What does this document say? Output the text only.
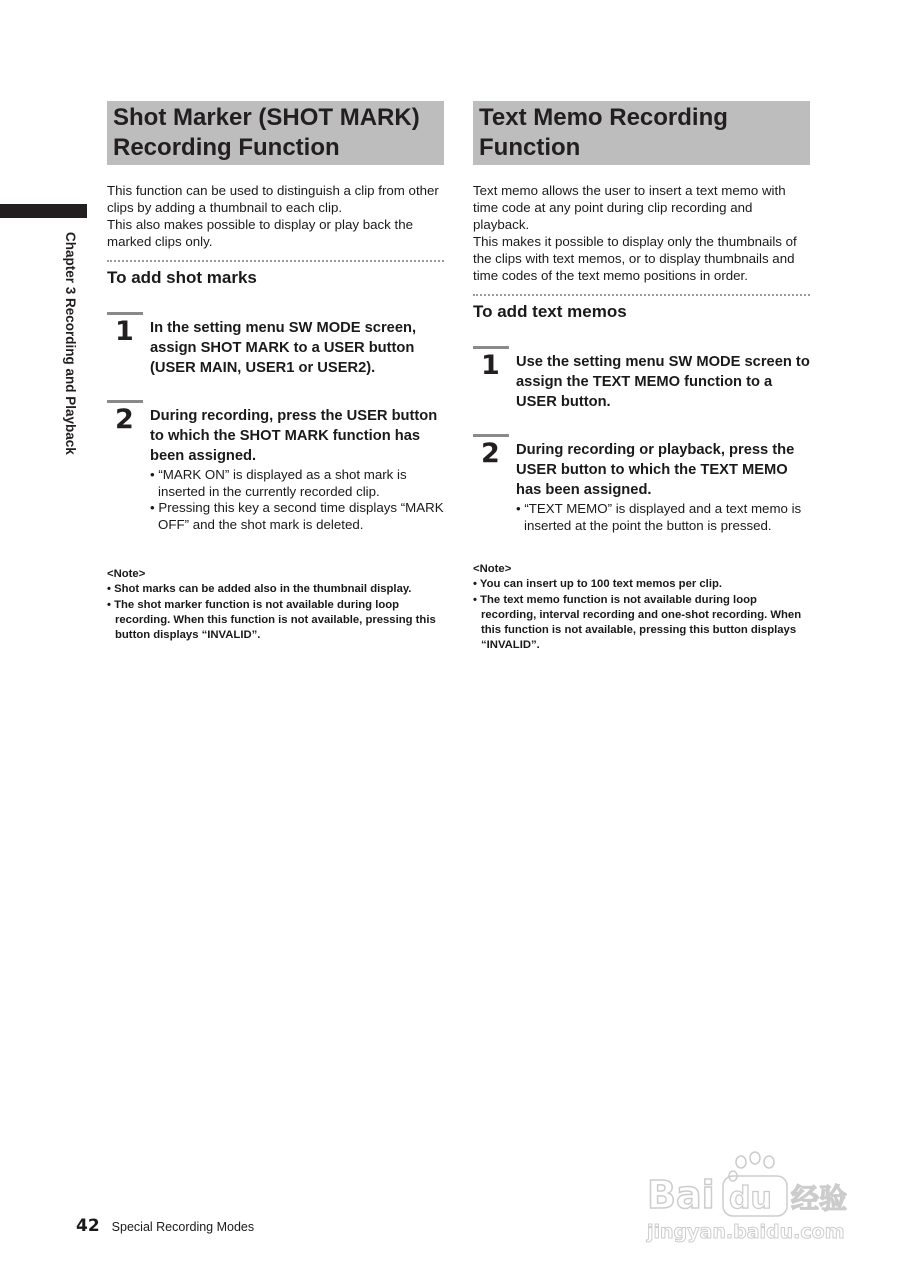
Chapter 3 Recording and Playback
Shot Marker (SHOT MARK)
Recording Function

This function can be used to distinguish a clip from other clips by adding a thumbnail to each clip.

This also makes possible to display or play back the marked clips only.

To add shot marks
1 In the setting menu SW MODE screen, assign SHOT MARK to a USER button (USER MAIN, USER1 or USER2).
2 During recording, press the USER button to which the SHOT MARK function has been assigned.
• “MARK ON” is displayed as a shot mark is inserted in the currently recorded clip.
• Pressing this key a second time displays “MARK OFF” and the shot mark is deleted.
<Note>
• Shot marks can be added also in the thumbnail display.
• The shot marker function is not available during loop recording. When this function is not available, pressing this button displays “INVALID”.
Text Memo Recording
Function

Text memo allows the user to insert a text memo with time code at any point during clip recording and playback.

This makes it possible to display only the thumbnails of the clips with text memos, or to display thumbnails and time codes of the text memo positions in order.

To add text memos
1 Use the setting menu SW MODE screen to assign the TEXT MEMO function to a USER button.
2 During recording or playback, press the USER button to which the TEXT MEMO has been assigned.
• “TEXT MEMO” is displayed and a text memo is inserted at the point the button is pressed.
<Note>
• You can insert up to 100 text memos per clip.
• The text memo function is not available during loop recording, interval recording and one-shot recording. When this function is not available, pressing this button displays “INVALID”.
42 Special Recording Modes
Bai du 经验
jingyan.baidu.com
